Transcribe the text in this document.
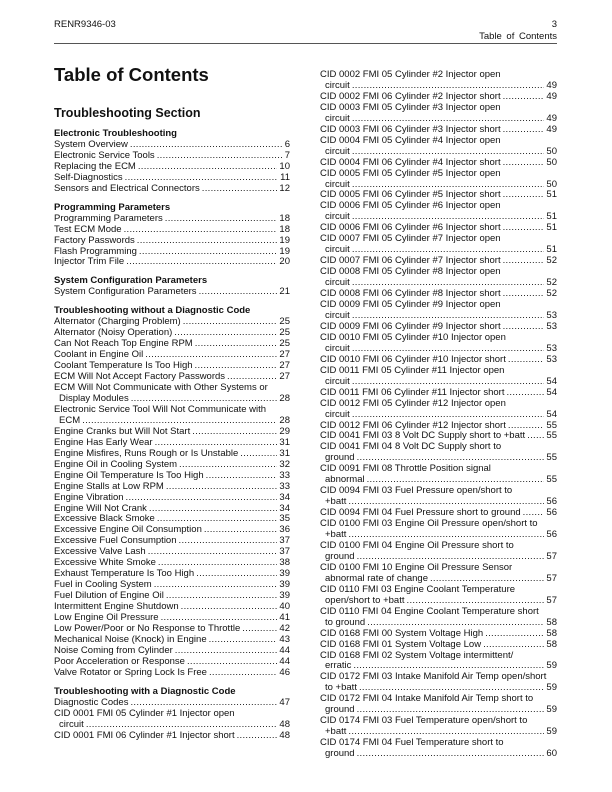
RENR9346-03	3
Table of Contents
Table of Contents
Troubleshooting Section
Electronic Troubleshooting
System Overview .....	6
Electronic Service Tools .....	7
Replacing the ECM .....	10
Self-Diagnostics .....	11
Sensors and Electrical Connectors .....	12
Programming Parameters
Programming Parameters .....	18
Test ECM Mode .....	18
Factory Passwords .....	19
Flash Programming .....	19
Injector Trim File .....	20
System Configuration Parameters
System Configuration Parameters .....	21
Troubleshooting without a Diagnostic Code
Alternator (Charging Problem) .....	25
Alternator (Noisy Operation) .....	25
Can Not Reach Top Engine RPM .....	25
Coolant in Engine Oil .....	27
Coolant Temperature Is Too High .....	27
ECM Will Not Accept Factory Passwords .....	27
ECM Will Not Communicate with Other Systems or
Display Modules .....	28
Electronic Service Tool Will Not Communicate with
ECM .....	28
Engine Cranks but Will Not Start .....	29
Engine Has Early Wear .....	31
Engine Misfires, Runs Rough or Is Unstable .....	31
Engine Oil in Cooling System .....	32
Engine Oil Temperature Is Too High .....	33
Engine Stalls at Low RPM .....	33
Engine Vibration .....	34
Engine Will Not Crank .....	34
Excessive Black Smoke .....	35
Excessive Engine Oil Consumption .....	36
Excessive Fuel Consumption .....	37
Excessive Valve Lash .....	37
Excessive White Smoke .....	38
Exhaust Temperature Is Too High .....	39
Fuel in Cooling System .....	39
Fuel Dilution of Engine Oil .....	39
Intermittent Engine Shutdown .....	40
Low Engine Oil Pressure .....	41
Low Power/Poor or No Response to Throttle .....	42
Mechanical Noise (Knock) in Engine .....	43
Noise Coming from Cylinder .....	44
Poor Acceleration or Response .....	44
Valve Rotator or Spring Lock Is Free .....	46
Troubleshooting with a Diagnostic Code
Diagnostic Codes .....	47
CID 0001 FMI 05 Cylinder #1 Injector open
circuit .....	48
CID 0001 FMI 06 Cylinder #1 Injector short .....	48
CID 0002 FMI 05 Cylinder #2 Injector open
circuit .....	49
CID 0002 FMI 06 Cylinder #2 Injector short .....	49
CID 0003 FMI 05 Cylinder #3 Injector open
circuit .....	49
CID 0003 FMI 06 Cylinder #3 Injector short .....	49
CID 0004 FMI 05 Cylinder #4 Injector open
circuit .....	50
CID 0004 FMI 06 Cylinder #4 Injector short .....	50
CID 0005 FMI 05 Cylinder #5 Injector open
circuit .....	50
CID 0005 FMI 06 Cylinder #5 Injector short .....	51
CID 0006 FMI 05 Cylinder #6 Injector open
circuit .....	51
CID 0006 FMI 06 Cylinder #6 Injector short .....	51
CID 0007 FMI 05 Cylinder #7 Injector open
circuit .....	51
CID 0007 FMI 06 Cylinder #7 Injector short .....	52
CID 0008 FMI 05 Cylinder #8 Injector open
circuit .....	52
CID 0008 FMI 06 Cylinder #8 Injector short .....	52
CID 0009 FMI 05 Cylinder #9 Injector open
circuit .....	53
CID 0009 FMI 06 Cylinder #9 Injector short .....	53
CID 0010 FMI 05 Cylinder #10 Injector open
circuit .....	53
CID 0010 FMI 06 Cylinder #10 Injector short .....	53
CID 0011 FMI 05 Cylinder #11 Injector open
circuit .....	54
CID 0011 FMI 06 Cylinder #11 Injector short .....	54
CID 0012 FMI 05 Cylinder #12 Injector open
circuit .....	54
CID 0012 FMI 06 Cylinder #12 Injector short .....	55
CID 0041 FMI 03 8 Volt DC Supply short to +batt ..... 55
CID 0041 FMI 04 8 Volt DC Supply short to
ground .....	55
CID 0091 FMI 08 Throttle Position signal
abnormal .....	55
CID 0094 FMI 03 Fuel Pressure open/short to
+batt .....	56
CID 0094 FMI 04 Fuel Pressure short to ground .....	56
CID 0100 FMI 03 Engine Oil Pressure open/short to
+batt .....	56
CID 0100 FMI 04 Engine Oil Pressure short to
ground .....	57
CID 0100 FMI 10 Engine Oil Pressure Sensor
abnormal rate of change .....	57
CID 0110 FMI 03 Engine Coolant Temperature
open/short to +batt .....	57
CID 0110 FMI 04 Engine Coolant Temperature short
to ground .....	58
CID 0168 FMI 00 System Voltage High .....	58
CID 0168 FMI 01 System Voltage Low .....	58
CID 0168 FMI 02 System Voltage intermittent/
erratic .....	59
CID 0172 FMI 03 Intake Manifold Air Temp open/short
to +batt .....	59
CID 0172 FMI 04 Intake Manifold Air Temp short to
ground .....	59
CID 0174 FMI 03 Fuel Temperature open/short to
+batt .....	59
CID 0174 FMI 04 Fuel Temperature short to
ground .....	60
